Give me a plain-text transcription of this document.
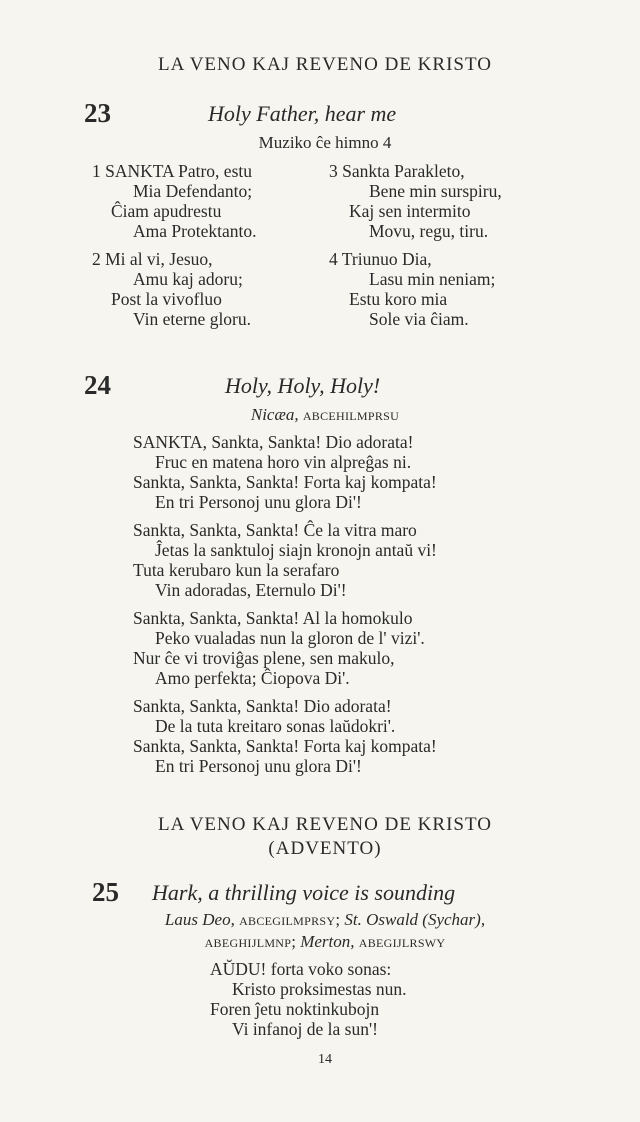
LA VENO KAJ REVENO DE KRISTO
23	Holy Father, hear me
Muziko ĉe himno 4
1 SANKTA Patro, estu
Mia Defendanto;
Ĉiam apudrestu
Ama Protektanto.
2 Mi al vi, Jesuo,
Amu kaj adoru;
Post la vivofluo
Vin eterne gloru.
3 Sankta Parakleto,
Bene min surspiru,
Kaj sen intermito
Movu, regu, tiru.
4 Triunuo Dia,
Lasu min neniam;
Estu koro mia
Sole via ĉiam.
24	Holy, Holy, Holy!
Nicæa, ABCEHILMPRSU
SANKTA, Sankta, Sankta! Dio adorata!
Fruc en matena horo vin alpreĝas ni.
Sankta, Sankta, Sankta! Forta kaj kompata!
En tri Personoj unu glora Di'!
Sankta, Sankta, Sankta! Ĉe la vitra maro
Ĵetas la sanktuloj siajn kronojn antaŭ vi!
Tuta kerubaro kun la serafaro
Vin adoradas, Eternulo Di'!
Sankta, Sankta, Sankta! Al la homokulo
Peko vualadas nun la gloron de l' vizi'.
Nur ĉe vi troviĝas plene, sen makulo,
Amo perfekta; Ĉiopova Di'.
Sankta, Sankta, Sankta! Dio adorata!
De la tuta kreitaro sonas laŭdokri'.
Sankta, Sankta, Sankta! Forta kaj kompata!
En tri Personoj unu glora Di'!
LA VENO KAJ REVENO DE KRISTO
(ADVENTO)
25 Hark, a thrilling voice is sounding
Laus Deo, ABCEGILMPRSY; St. Oswald (Sychar),
ABEGHIJLMNP; Merton, ABEGIJLRSWY
AŬDU! forta voko sonas:
Kristo proksimestas nun.
Foren ĵetu noktinkubojn
Vi infanoj de la sun'!
14
